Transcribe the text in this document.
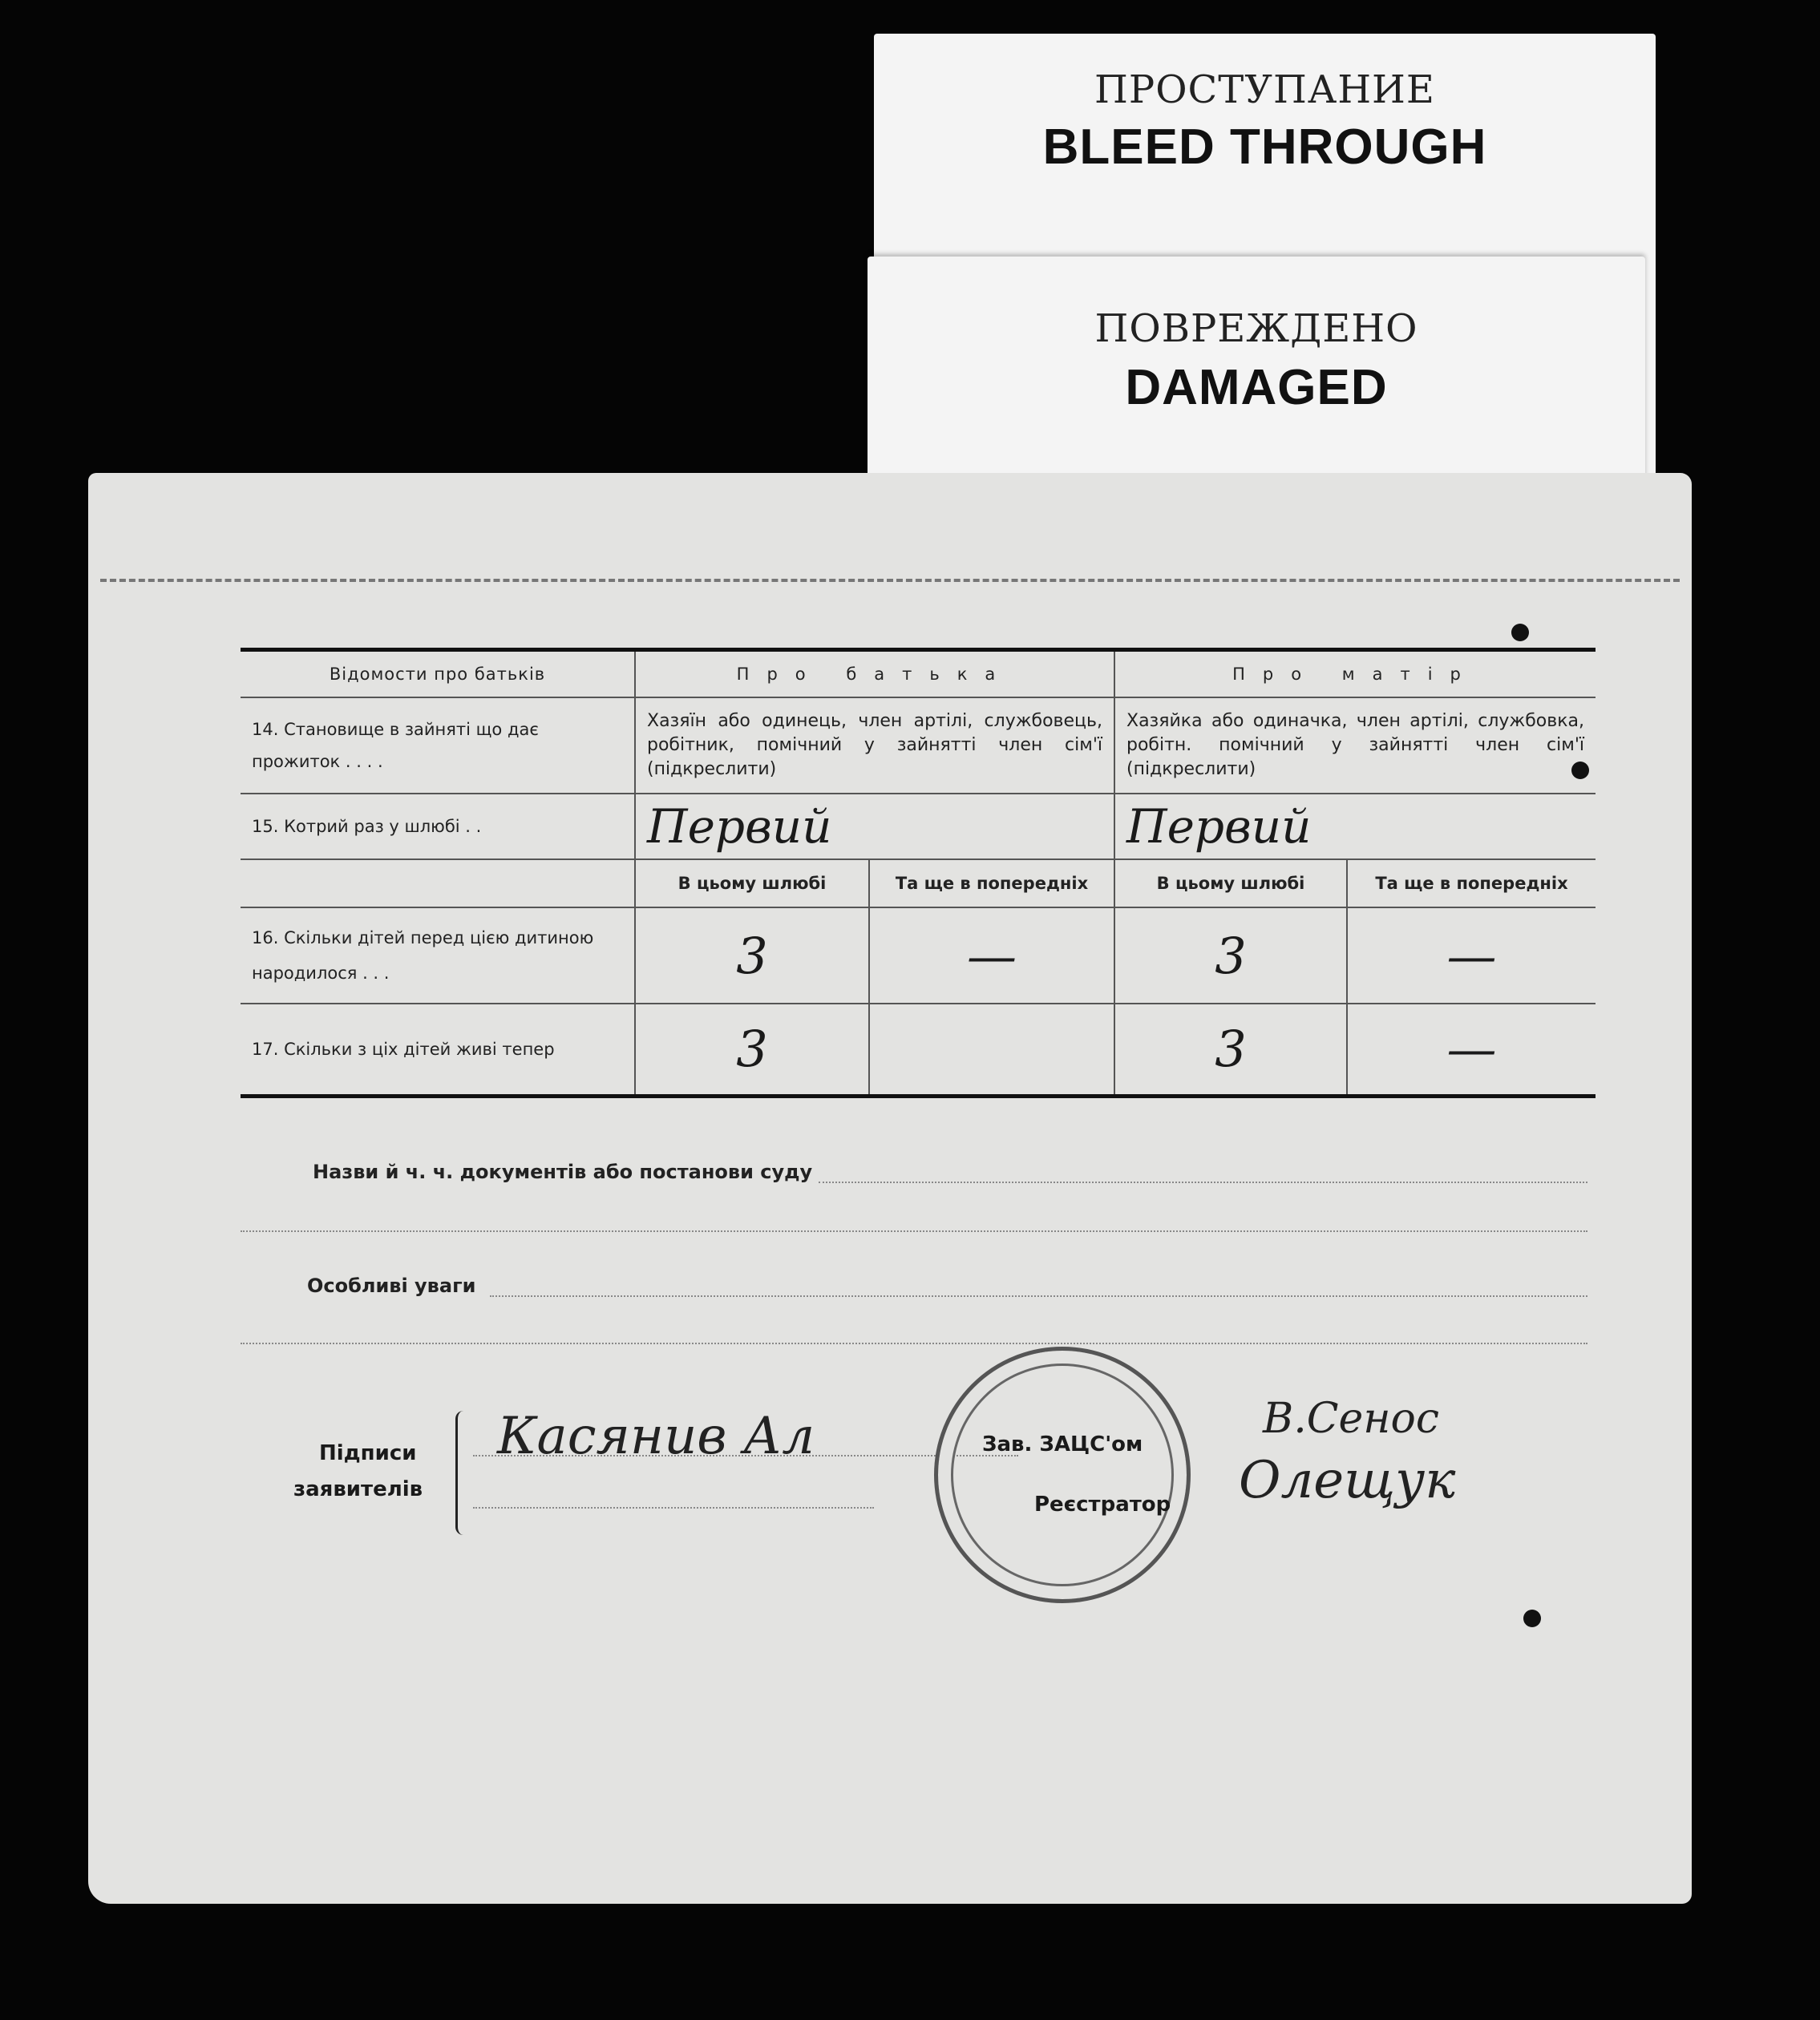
ПРОСТУПАНИЕ
BLEED THROUGH
ПОВРЕЖДЕНО
DAMAGED
Відомости про батьків	Про батька		Про матір	
14. Становище в зайняті що дає прожиток . . . .	Хазяїн або одинець, член артілі, службовець, робітник, помічний у зайнятті член сім'ї (підкреслити)		Хазяйка або одиначка, член артілі, службовка, робітн. помічний у зайнятті член сім'ї (підкреслити)	
15. Котрий раз у шлюбі . .	Первий		Первий	
	В цьому шлюбі	Та ще в попередніх	В цьому шлюбі	Та ще в попередніх
16. Скільки дітей перед цією дитиною народилося . . .	3	—	3	—
17. Скільки з ціх дітей живі тепер	3		3	—
Назви й ч. ч. документів або постанови суду
Особливі уваги
Підписи
заявителів
Касянив Ал	Зав. ЗАЦС'ом
Реєстратор
В.Сенос
Олещук
